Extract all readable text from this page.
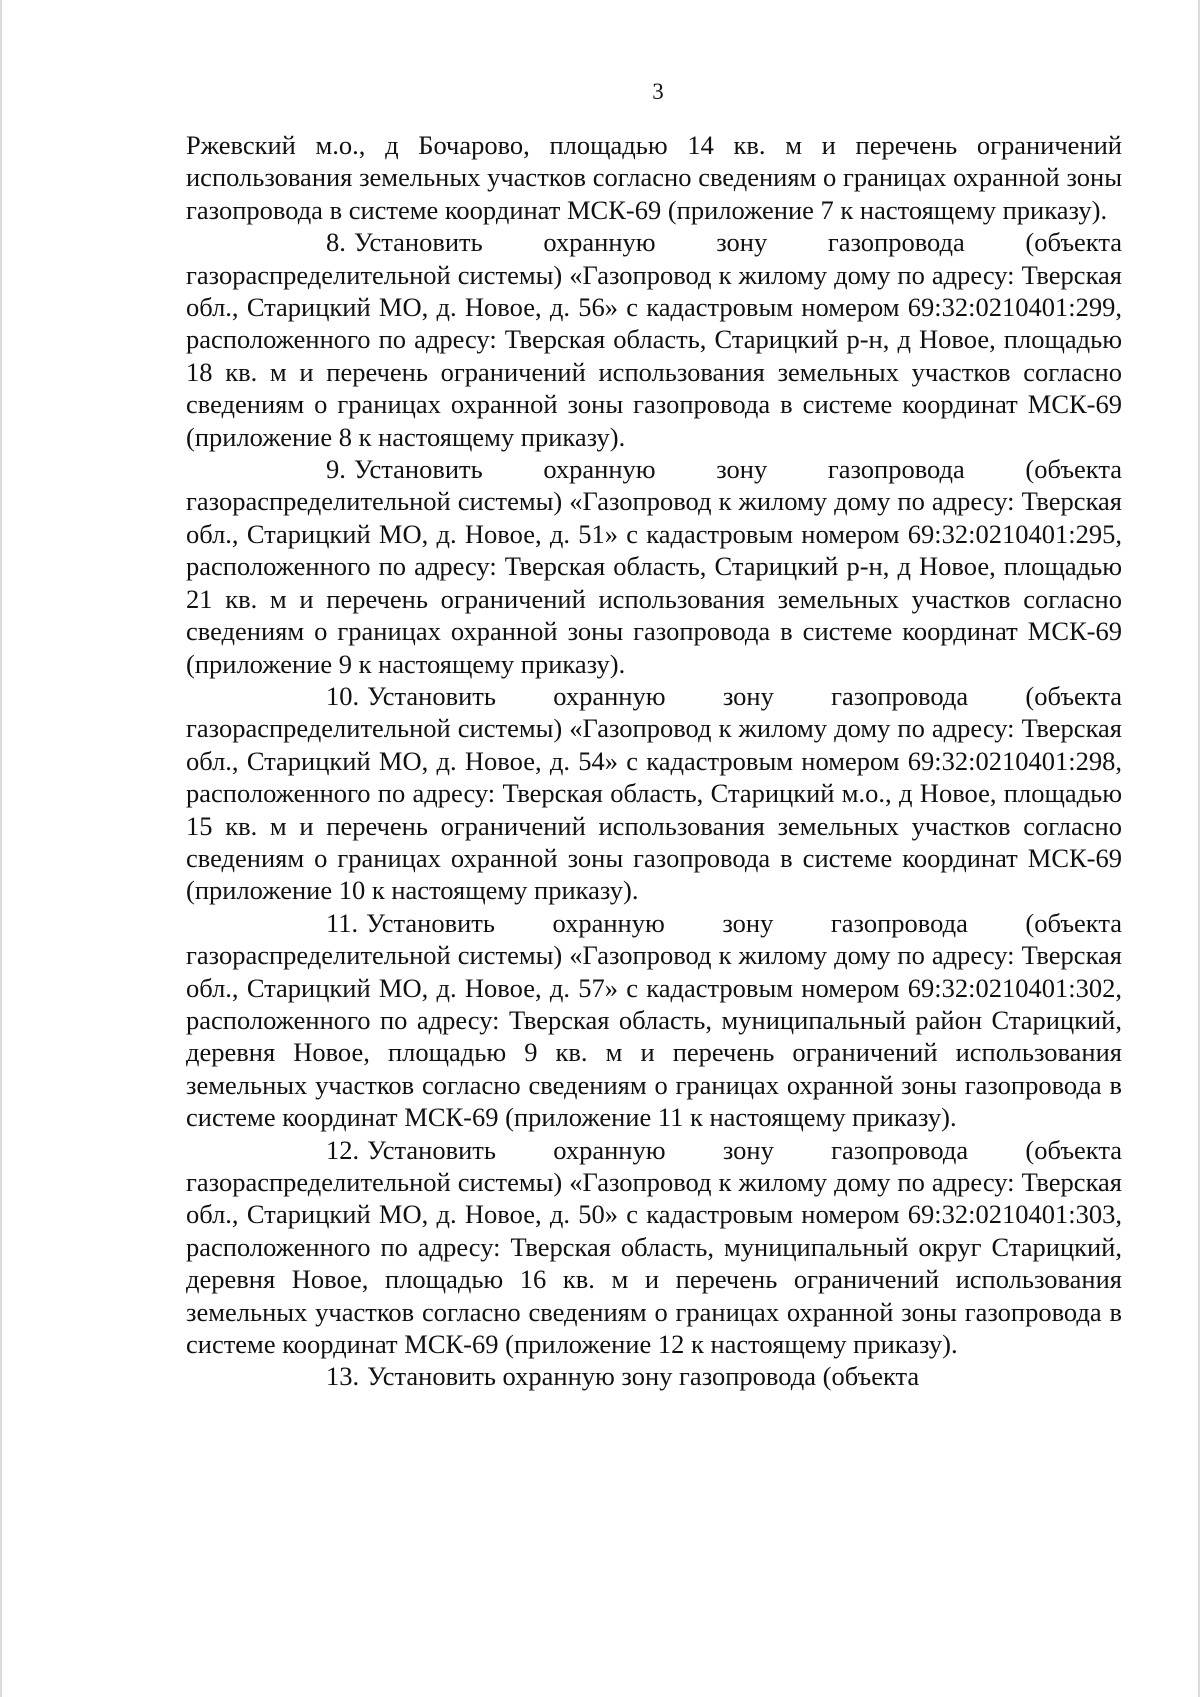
3

Ржевский м.о., д Бочарово, площадью 14 кв. м и перечень ограничений использования земельных участков согласно сведениям о границах охранной зоны газопровода в системе координат МСК-69 (приложение 7 к настоящему приказу).

8. Установить охранную зону газопровода (объекта газораспределительной системы) «Газопровод к жилому дому по адресу: Тверская обл., Старицкий МО, д. Новое, д. 56» с кадастровым номером 69:32:0210401:299, расположенного по адресу: Тверская область, Старицкий р-н, д Новое, площадью 18 кв. м и перечень ограничений использования земельных участков согласно сведениям о границах охранной зоны газопровода в системе координат МСК-69 (приложение 8 к настоящему приказу).

9. Установить охранную зону газопровода (объекта газораспределительной системы) «Газопровод к жилому дому по адресу: Тверская обл., Старицкий МО, д. Новое, д. 51» с кадастровым номером 69:32:0210401:295, расположенного по адресу: Тверская область, Старицкий р-н, д Новое, площадью 21 кв. м и перечень ограничений использования земельных участков согласно сведениям о границах охранной зоны газопровода в системе координат МСК-69 (приложение 9 к настоящему приказу).

10. Установить охранную зону газопровода (объекта газораспределительной системы) «Газопровод к жилому дому по адресу: Тверская обл., Старицкий МО, д. Новое, д. 54» с кадастровым номером 69:32:0210401:298, расположенного по адресу: Тверская область, Старицкий м.о., д Новое, площадью 15 кв. м и перечень ограничений использования земельных участков согласно сведениям о границах охранной зоны газопровода в системе координат МСК-69 (приложение 10 к настоящему приказу).

11. Установить охранную зону газопровода (объекта газораспределительной системы) «Газопровод к жилому дому по адресу: Тверская обл., Старицкий МО, д. Новое, д. 57» с кадастровым номером 69:32:0210401:302, расположенного по адресу: Тверская область, муниципальный район Старицкий, деревня Новое, площадью 9 кв. м и перечень ограничений использования земельных участков согласно сведениям о границах охранной зоны газопровода в системе координат МСК-69 (приложение 11 к настоящему приказу).

12. Установить охранную зону газопровода (объекта газораспределительной системы) «Газопровод к жилому дому по адресу: Тверская обл., Старицкий МО, д. Новое, д. 50» с кадастровым номером 69:32:0210401:303, расположенного по адресу: Тверская область, муниципальный округ Старицкий, деревня Новое, площадью 16 кв. м и перечень ограничений использования земельных участков согласно сведениям о границах охранной зоны газопровода в системе координат МСК-69 (приложение 12 к настоящему приказу).

13. Установить охранную зону газопровода (объекта
